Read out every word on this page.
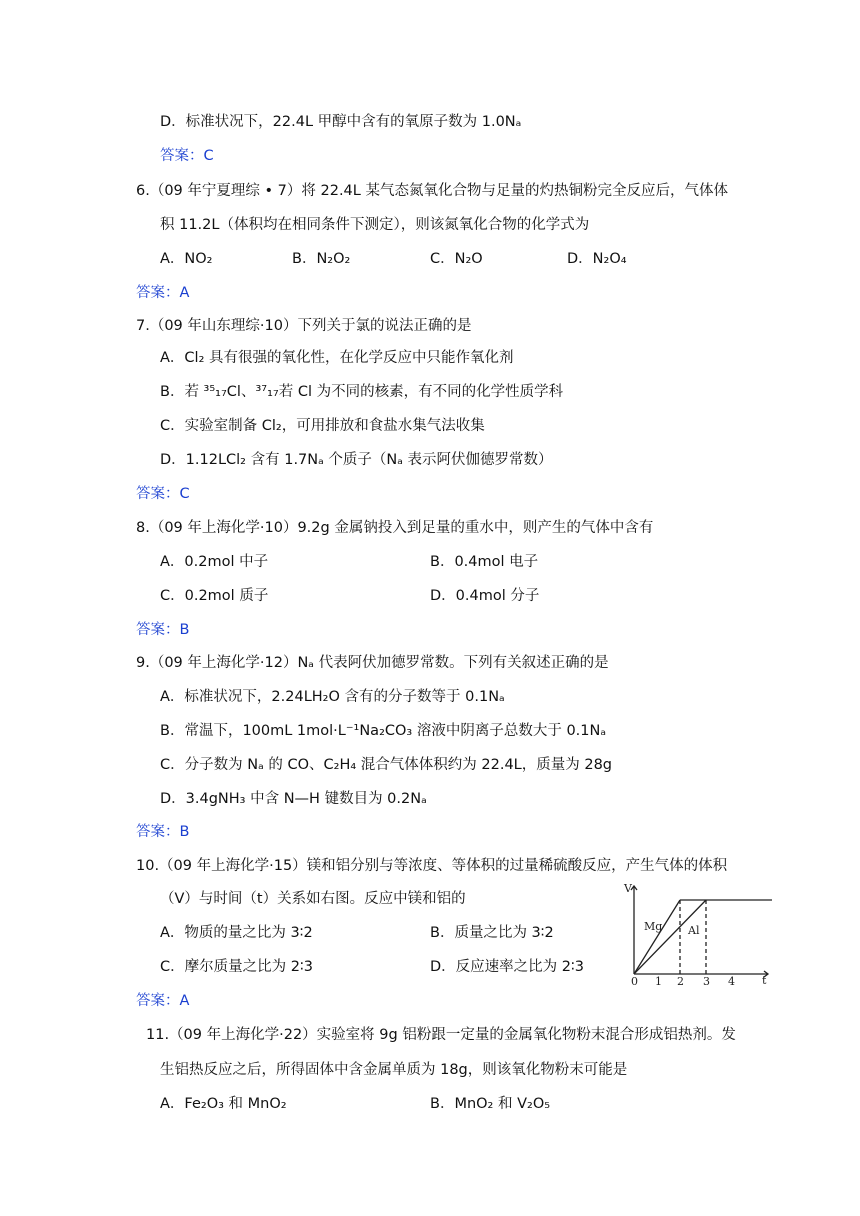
D．标准状况下，22.4L 甲醇中含有的氧原子数为 1.0Nₐ
答案：C
6.（09 年宁夏理综 • 7）将 22.4L 某气态氮氧化合物与足量的灼热铜粉完全反应后，气体体
积 11.2L（体积均在相同条件下测定），则该氮氧化合物的化学式为
A．NO₂	B．N₂O₂	C．N₂O	D．N₂O₄
答案：A
7.（09 年山东理综·10）下列关于氯的说法正确的是
A．Cl₂ 具有很强的氧化性，在化学反应中只能作氧化剂
B．若 ³⁵₁₇Cl、³⁷₁₇若 Cl 为不同的核素，有不同的化学性质学科
C．实验室制备 Cl₂，可用排放和食盐水集气法收集
D．1.12LCl₂ 含有 1.7Nₐ 个质子（Nₐ 表示阿伏伽德罗常数）
答案：C
8.（09 年上海化学·10）9.2g 金属钠投入到足量的重水中，则产生的气体中含有
A．0.2mol 中子	B．0.4mol 电子
C．0.2mol 质子	D．0.4mol 分子
答案：B
9.（09 年上海化学·12）Nₐ 代表阿伏加德罗常数。下列有关叙述正确的是
A．标准状况下，2.24LH₂O 含有的分子数等于 0.1Nₐ
B．常温下，100mL 1mol·L⁻¹Na₂CO₃ 溶液中阴离子总数大于 0.1Nₐ
C．分子数为 Nₐ 的 CO、C₂H₄ 混合气体体积约为 22.4L，质量为 28g
D．3.4gNH₃ 中含 N—H 键数目为 0.2Nₐ
答案：B
10.（09 年上海化学·15）镁和铝分别与等浓度、等体积的过量稀硫酸反应，产生气体的体积
（V）与时间（t）关系如右图。反应中镁和铝的
A．物质的量之比为 3∶2	B．质量之比为 3∶2
C．摩尔质量之比为 2∶3	D．反应速率之比为 2∶3
答案：A
V
t
Mg Al
0 1 2 3 4
11.（09 年上海化学·22）实验室将 9g 铝粉跟一定量的金属氧化物粉末混合形成铝热剂。发
生铝热反应之后，所得固体中含金属单质为 18g，则该氧化物粉末可能是
A．Fe₂O₃ 和 MnO₂	B．MnO₂ 和 V₂O₅
